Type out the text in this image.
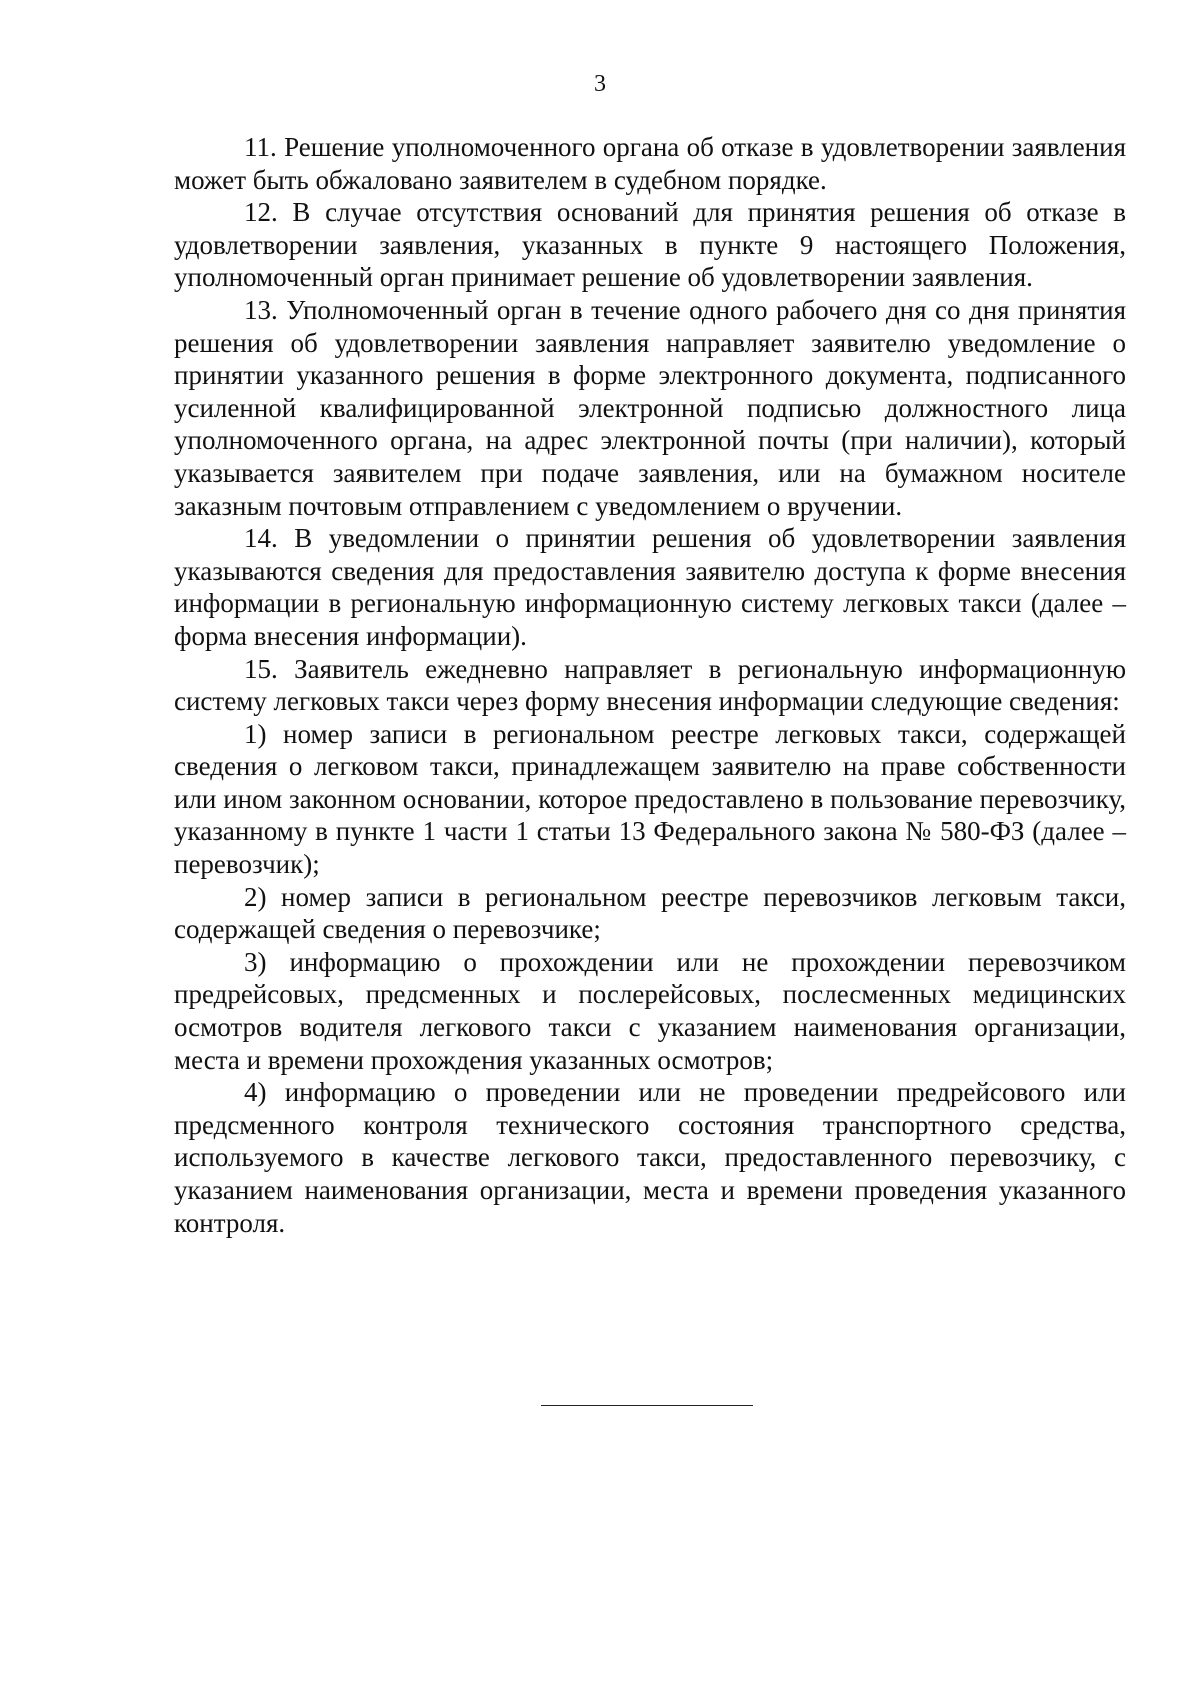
3

11. Решение уполномоченного органа об отказе в удовлетворении заявления может быть обжаловано заявителем в судебном порядке.

12. В случае отсутствия оснований для принятия решения об отказе в удовлетворении заявления, указанных в пункте 9 настоящего Положения, уполномоченный орган принимает решение об удовлетворении заявления.

13. Уполномоченный орган в течение одного рабочего дня со дня принятия решения об удовлетворении заявления направляет заявителю уведомление о принятии указанного решения в форме электронного документа, подписанного усиленной квалифицированной электронной подписью должностного лица уполномоченного органа, на адрес электронной почты (при наличии), который указывается заявителем при подаче заявления, или на бумажном носителе заказным почтовым отправлением с уведомлением о вручении.

14. В уведомлении о принятии решения об удовлетворении заявления указываются сведения для предоставления заявителю доступа к форме внесения информации в региональную информационную систему легковых такси (далее – форма внесения информации).

15. Заявитель ежедневно направляет в региональную информационную систему легковых такси через форму внесения информации следующие сведения:

1) номер записи в региональном реестре легковых такси, содержащей сведения о легковом такси, принадлежащем заявителю на праве собственности или ином законном основании, которое предоставлено в пользование перевозчику, указанному в пункте 1 части 1 статьи 13 Федерального закона № 580-ФЗ (далее – перевозчик);

2) номер записи в региональном реестре перевозчиков легковым такси, содержащей сведения о перевозчике;

3) информацию о прохождении или не прохождении перевозчиком предрейсовых, предсменных и послерейсовых, послесменных медицинских осмотров водителя легкового такси с указанием наименования организации, места и времени прохождения указанных осмотров;

4) информацию о проведении или не проведении предрейсового или предсменного контроля технического состояния транспортного средства, используемого в качестве легкового такси, предоставленного перевозчику, с указанием наименования организации, места и времени проведения указанного контроля.
